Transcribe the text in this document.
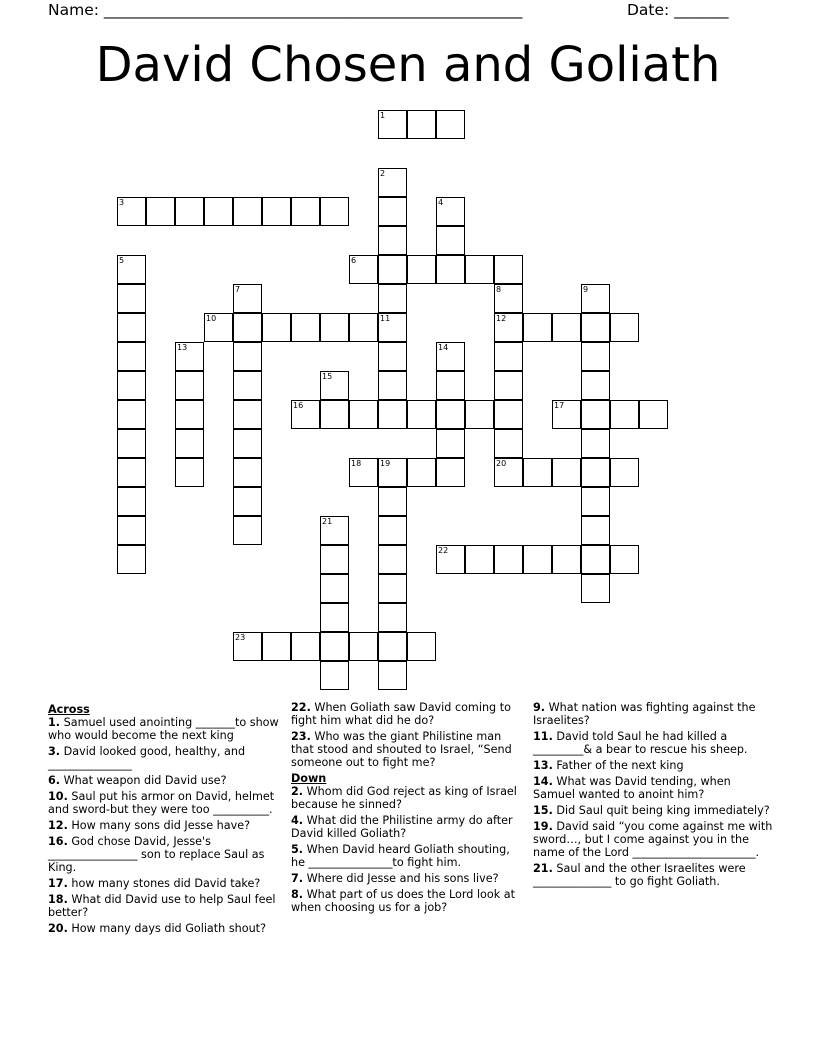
Name: ______________________________________________________	Date: _______
David Chosen and Goliath
1
2
3	4
5	6
7	8
12
9
10	11
13	14
15
16	17
18 19	20
21
22
23
Across
1. Samuel used anointing _______to show who would become the next king
3. David looked good, healthy, and _______________
6. What weapon did David use?
10. Saul put his armor on David, helmet and sword-but they were too __________.
12. How many sons did Jesse have?
16. God chose David, Jesse's ________________ son to replace Saul as King.
17. how many stones did David take?
18. What did David use to help Saul feel better?
20. How many days did Goliath shout?
22. When Goliath saw David coming to fight him what did he do?
23. Who was the giant Philistine man that stood and shouted to Israel, “Send someone out to fight me?
Down
2. Whom did God reject as king of Israel because he sinned?
4. What did the Philistine army do after David killed Goliath?
5. When David heard Goliath shouting, he _______________to fight him.
7. Where did Jesse and his sons live?
8. What part of us does the Lord look at when choosing us for a job?
9. What nation was fighting against the Israelites?
11. David told Saul he had killed a _________& a bear to rescue his sheep.
13. Father of the next king
14. What was David tending, when Samuel wanted to anoint him?
15. Did Saul quit being king immediately?
19. David said “you come against me with sword…, but I come against you in the name of the Lord ______________________.
21. Saul and the other Israelites were ______________ to go fight Goliath.
